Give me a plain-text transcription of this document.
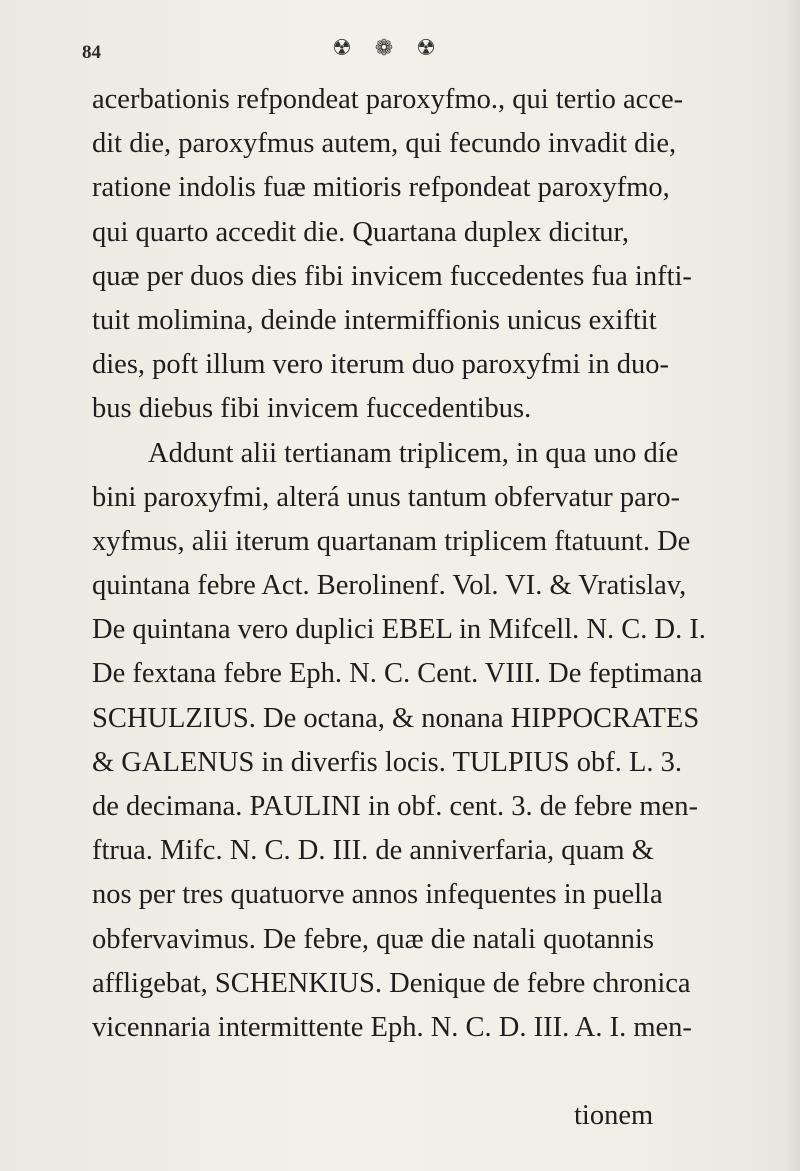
84	☢ ❁ ☢
acerbationis refpondeat paroxyfmo., qui tertio acce-
dit die, paroxyfmus autem, qui fecundo invadit die,
ratione indolis fuæ mitioris refpondeat paroxyfmo,
qui quarto accedit die. Quartana duplex dicitur,
quæ per duos dies fibi invicem fuccedentes fua infti-
tuit molimina, deinde intermiffionis unicus exiftit
dies, poft illum vero iterum duo paroxyfmi in duo-
bus diebus fibi invicem fuccedentibus.
Addunt alii tertianam triplicem, in qua uno díe
bini paroxyfmi, alterá unus tantum obfervatur paro-
xyfmus, alii iterum quartanam triplicem ftatuunt. De
quintana febre Act. Berolinenf. Vol. VI. & Vratislav,
De quintana vero duplici EBEL in Mifcell. N. C. D. I.
De fextana febre Eph. N. C. Cent. VIII. De feptimana
SCHULZIUS. De octana, & nonana HIPPOCRATES
& GALENUS in diverfis locis. TULPIUS obf. L. 3.
de decimana. PAULINI in obf. cent. 3. de febre men-
ftrua. Mifc. N. C. D. III. de anniverfaria, quam &
nos per tres quatuorve annos infequentes in puella
obfervavimus. De febre, quæ die natali quotannis
affligebat, SCHENKIUS. Denique de febre chronica
vicennaria intermittente Eph. N. C. D. III. A. I. men-
tionem
